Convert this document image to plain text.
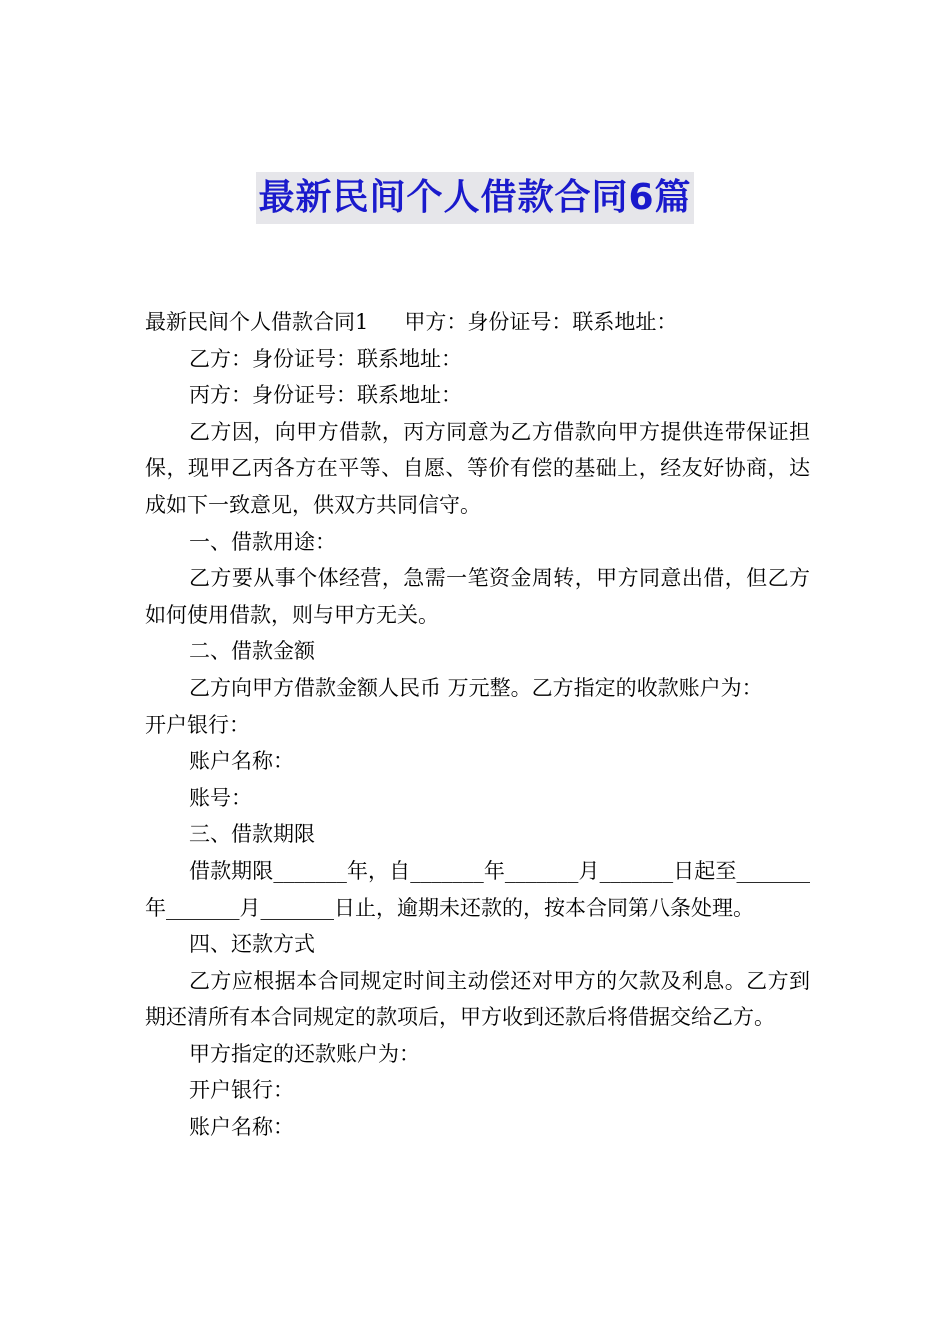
最新民间个人借款合同6篇

最新民间个人借款合同1 甲方：身份证号：联系地址：

乙方：身份证号：联系地址：

丙方：身份证号：联系地址：

乙方因，向甲方借款，丙方同意为乙方借款向甲方提供连带保证担保，现甲乙丙各方在平等、自愿、等价有偿的基础上，经友好协商，达成如下一致意见，供双方共同信守。

一、借款用途：

乙方要从事个体经营，急需一笔资金周转，甲方同意出借，但乙方如何使用借款，则与甲方无关。

二、借款金额

乙方向甲方借款金额人民币 万元整。乙方指定的收款账户为：

开户银行：

账户名称：

账号：

三、借款期限

借款期限_______年，自_______年_______月_______日起至_______年_______月_______日止，逾期未还款的，按本合同第八条处理。

四、还款方式

乙方应根据本合同规定时间主动偿还对甲方的欠款及利息。乙方到期还清所有本合同规定的款项后，甲方收到还款后将借据交给乙方。

甲方指定的还款账户为：

开户银行：

账户名称：
